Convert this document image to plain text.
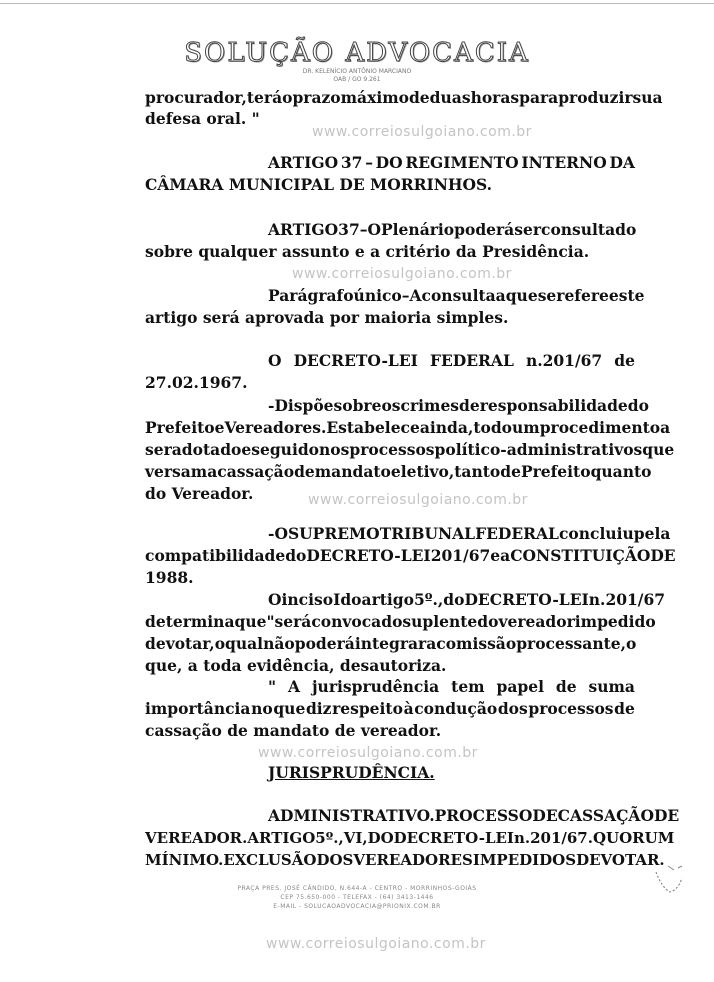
SOLUÇÃO ADVOCACIA
DR. KELENÍCIO ANTÔNIO MARCIANO
OAB / GO 9.261
procurador, terá o prazo máximo de duas horas para produzir sua
defesa oral. "
www.correiosulgoiano.com.br
ARTIGO 37 – DO REGIMENTO INTERNO DA
CÂMARA MUNICIPAL DE MORRINHOS.
ARTIGO 37 – O Plenário poderá ser consultado
sobre qualquer assunto e a critério da Presidência.
www.correiosulgoiano.com.br
Parágrafo único – A consulta a que se refere este
artigo será aprovada por maioria simples.
O DECRETO-LEI FEDERAL n.201/67 de
27.02.1967.
- Dispõe sobre os crimes de responsabilidade do
Prefeito e Vereadores. Estabelece ainda, todo um procedimento a
ser adotado e seguido nos processos político-administrativos que
versam a cassação de mandato eletivo, tanto de Prefeito quanto
do Vereador.	www.correiosulgoiano.com.br
- O SUPREMO TRIBUNAL FEDERAL concluiu pela
compatibilidade do DECRETO-LEI 201/67 e a CONSTITUIÇÃO DE
1988.
O inciso I do artigo 5º., do DECRETO-LEI n.201/67
determina que " será convocado suplente do vereador impedido
de votar, o qual não poderá integrar a comissão processante, o
que, a toda evidência, desautoriza.
" A jurisprudência tem papel de suma
importância no que diz respeito à condução dos processos de
cassação de mandato de vereador.
www.correiosulgoiano.com.br
JURISPRUDÊNCIA.
ADMINISTRATIVO. PROCESSO DE CASSAÇÃO DE
VEREADOR. ARTIGO 5º. , VI, DO DECRETO-LEI n.201/67. QUORUM
MÍNIMO. EXCLUSÃO DOS VEREADORES IMPEDIDOS DE VOTAR.
PRAÇA PRES. JOSÉ CÂNDIDO, N.644-A - CENTRO - MORRINHOS-GOIÁS
CEP 75.650-000 - TELEFAX - (64) 3413-1446
E-MAIL - SOLUCAOADVOCACIA@PRIONIX.COM.BR
www.correiosulgoiano.com.br
